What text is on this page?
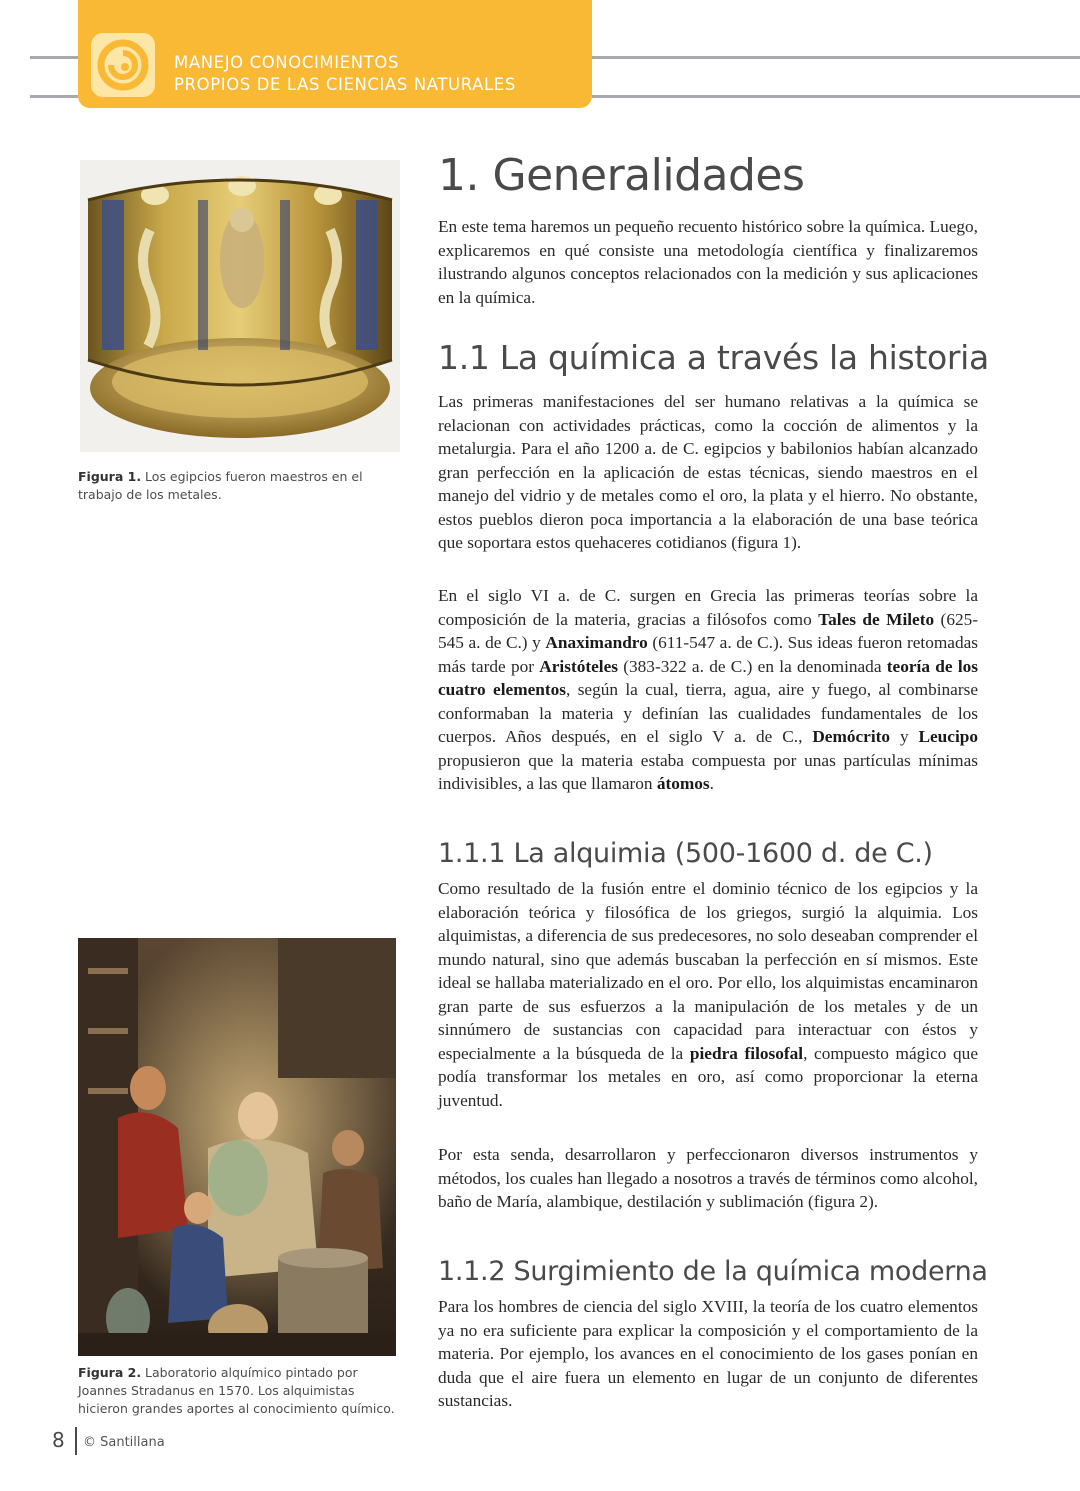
MANEJO CONOCIMIENTOS
PROPIOS DE LAS CIENCIAS NATURALES
Figura 1. Los egipcios fueron maestros en el trabajo de los metales.
Figura 2. Laboratorio alquímico pintado por Joannes Stradanus en 1570. Los alquimistas hicieron grandes aportes al conocimiento químico.
1. Generalidades

En este tema haremos un pequeño recuento histórico sobre la química. Luego, explicaremos en qué consiste una metodología científica y finalizaremos ilustrando algunos conceptos relacionados con la medición y sus aplicaciones en la química.

1.1 La química a través la historia

Las primeras manifestaciones del ser humano relativas a la química se relacionan con actividades prácticas, como la cocción de alimentos y la metalurgia. Para el año 1200 a. de C. egipcios y babilonios habían alcanzado gran perfección en la aplicación de estas técnicas, siendo maestros en el manejo del vidrio y de metales como el oro, la plata y el hierro. No obstante, estos pueblos dieron poca importancia a la elaboración de una base teórica que soportara estos quehaceres cotidianos (figura 1).

En el siglo VI a. de C. surgen en Grecia las primeras teorías sobre la composición de la materia, gracias a filósofos como Tales de Mileto (625-545 a. de C.) y Anaximandro (611-547 a. de C.). Sus ideas fueron retomadas más tarde por Aristóteles (383-322 a. de C.) en la denominada teoría de los cuatro elementos, según la cual, tierra, agua, aire y fuego, al combinarse conformaban la materia y definían las cualidades fundamentales de los cuerpos. Años después, en el siglo V a. de C., Demócrito y Leucipo propusieron que la materia estaba compuesta por unas partículas mínimas indivisibles, a las que llamaron átomos.

1.1.1 La alquimia (500-1600 d. de C.)

Como resultado de la fusión entre el dominio técnico de los egipcios y la elaboración teórica y filosófica de los griegos, surgió la alquimia. Los alquimistas, a diferencia de sus predecesores, no solo deseaban comprender el mundo natural, sino que además buscaban la perfección en sí mismos. Este ideal se hallaba materializado en el oro. Por ello, los alquimistas encaminaron gran parte de sus esfuerzos a la manipulación de los metales y de un sinnúmero de sustancias con capacidad para interactuar con éstos y especialmente a la búsqueda de la piedra filosofal, compuesto mágico que podía transformar los metales en oro, así como proporcionar la eterna juventud.

Por esta senda, desarrollaron y perfeccionaron diversos instrumentos y métodos, los cuales han llegado a nosotros a través de términos como alcohol, baño de María, alambique, destilación y sublimación (figura 2).

1.1.2 Surgimiento de la química moderna

Para los hombres de ciencia del siglo XVIII, la teoría de los cuatro elementos ya no era suficiente para explicar la composición y el comportamiento de la materia. Por ejemplo, los avances en el conocimiento de los gases ponían en duda que el aire fuera un elemento en lugar de un conjunto de diferentes sustancias.

8 © Santillana
